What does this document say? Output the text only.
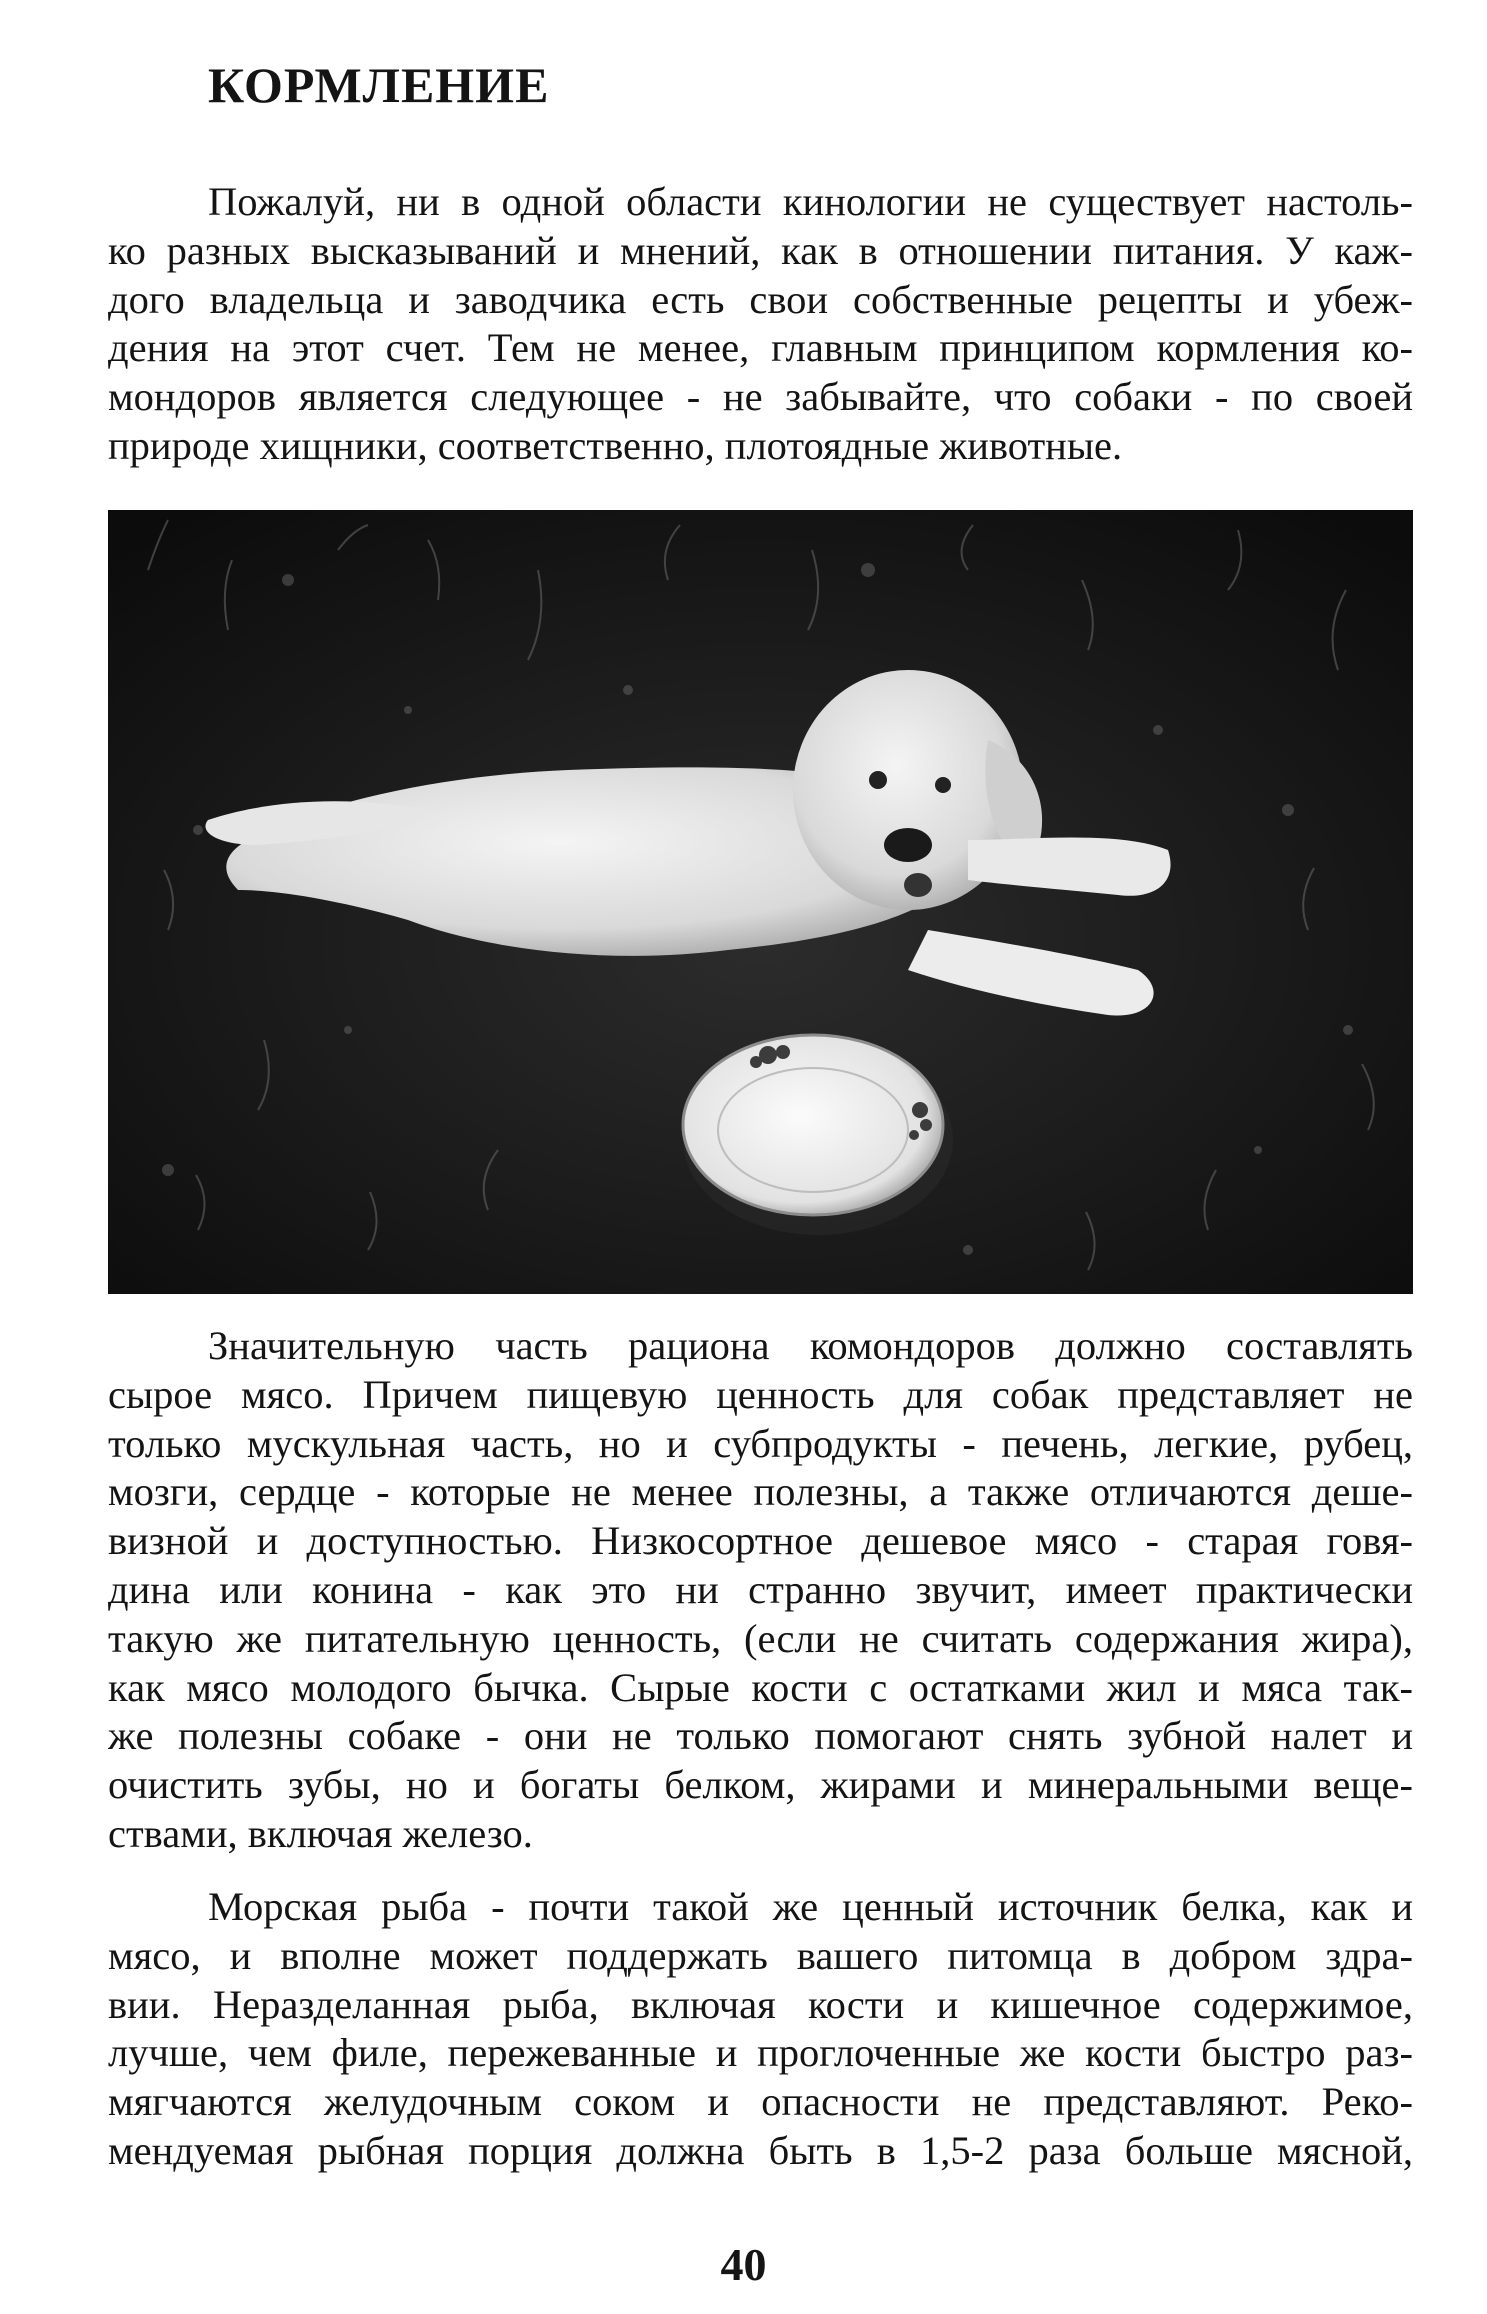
КОРМЛЕНИЕ

Пожалуй, ни в одной области кинологии не существует настоль-
ко разных высказываний и мнений, как в отношении питания. У каж-
дого владельца и заводчика есть свои собственные рецепты и убеж-
дения на этот счет. Тем не менее, главным принципом кормления ко-
мондоров является следующее - не забывайте, что собаки - по своей
природе хищники, соответственно, плотоядные животные.

Значительную часть рациона комондоров должно составлять
сырое мясо. Причем пищевую ценность для собак представляет не
только мускульная часть, но и субпродукты - печень, легкие, рубец,
мозги, сердце - которые не менее полезны, а также отличаются деше-
визной и доступностью. Низкосортное дешевое мясо - старая говя-
дина или конина - как это ни странно звучит, имеет практически
такую же питательную ценность, (если не считать содержания жира),
как мясо молодого бычка. Сырые кости с остатками жил и мяса так-
же полезны собаке - они не только помогают снять зубной налет и
очистить зубы, но и богаты белком, жирами и минеральными веще-
ствами, включая железо.

Морская рыба - почти такой же ценный источник белка, как и
мясо, и вполне может поддержать вашего питомца в добром здра-
вии. Неразделанная рыба, включая кости и кишечное содержимое,
лучше, чем филе, пережеванные и проглоченные же кости быстро раз-
мягчаются желудочным соком и опасности не представляют. Реко-
мендуемая рыбная порция должна быть в 1,5-2 раза больше мясной,

40
